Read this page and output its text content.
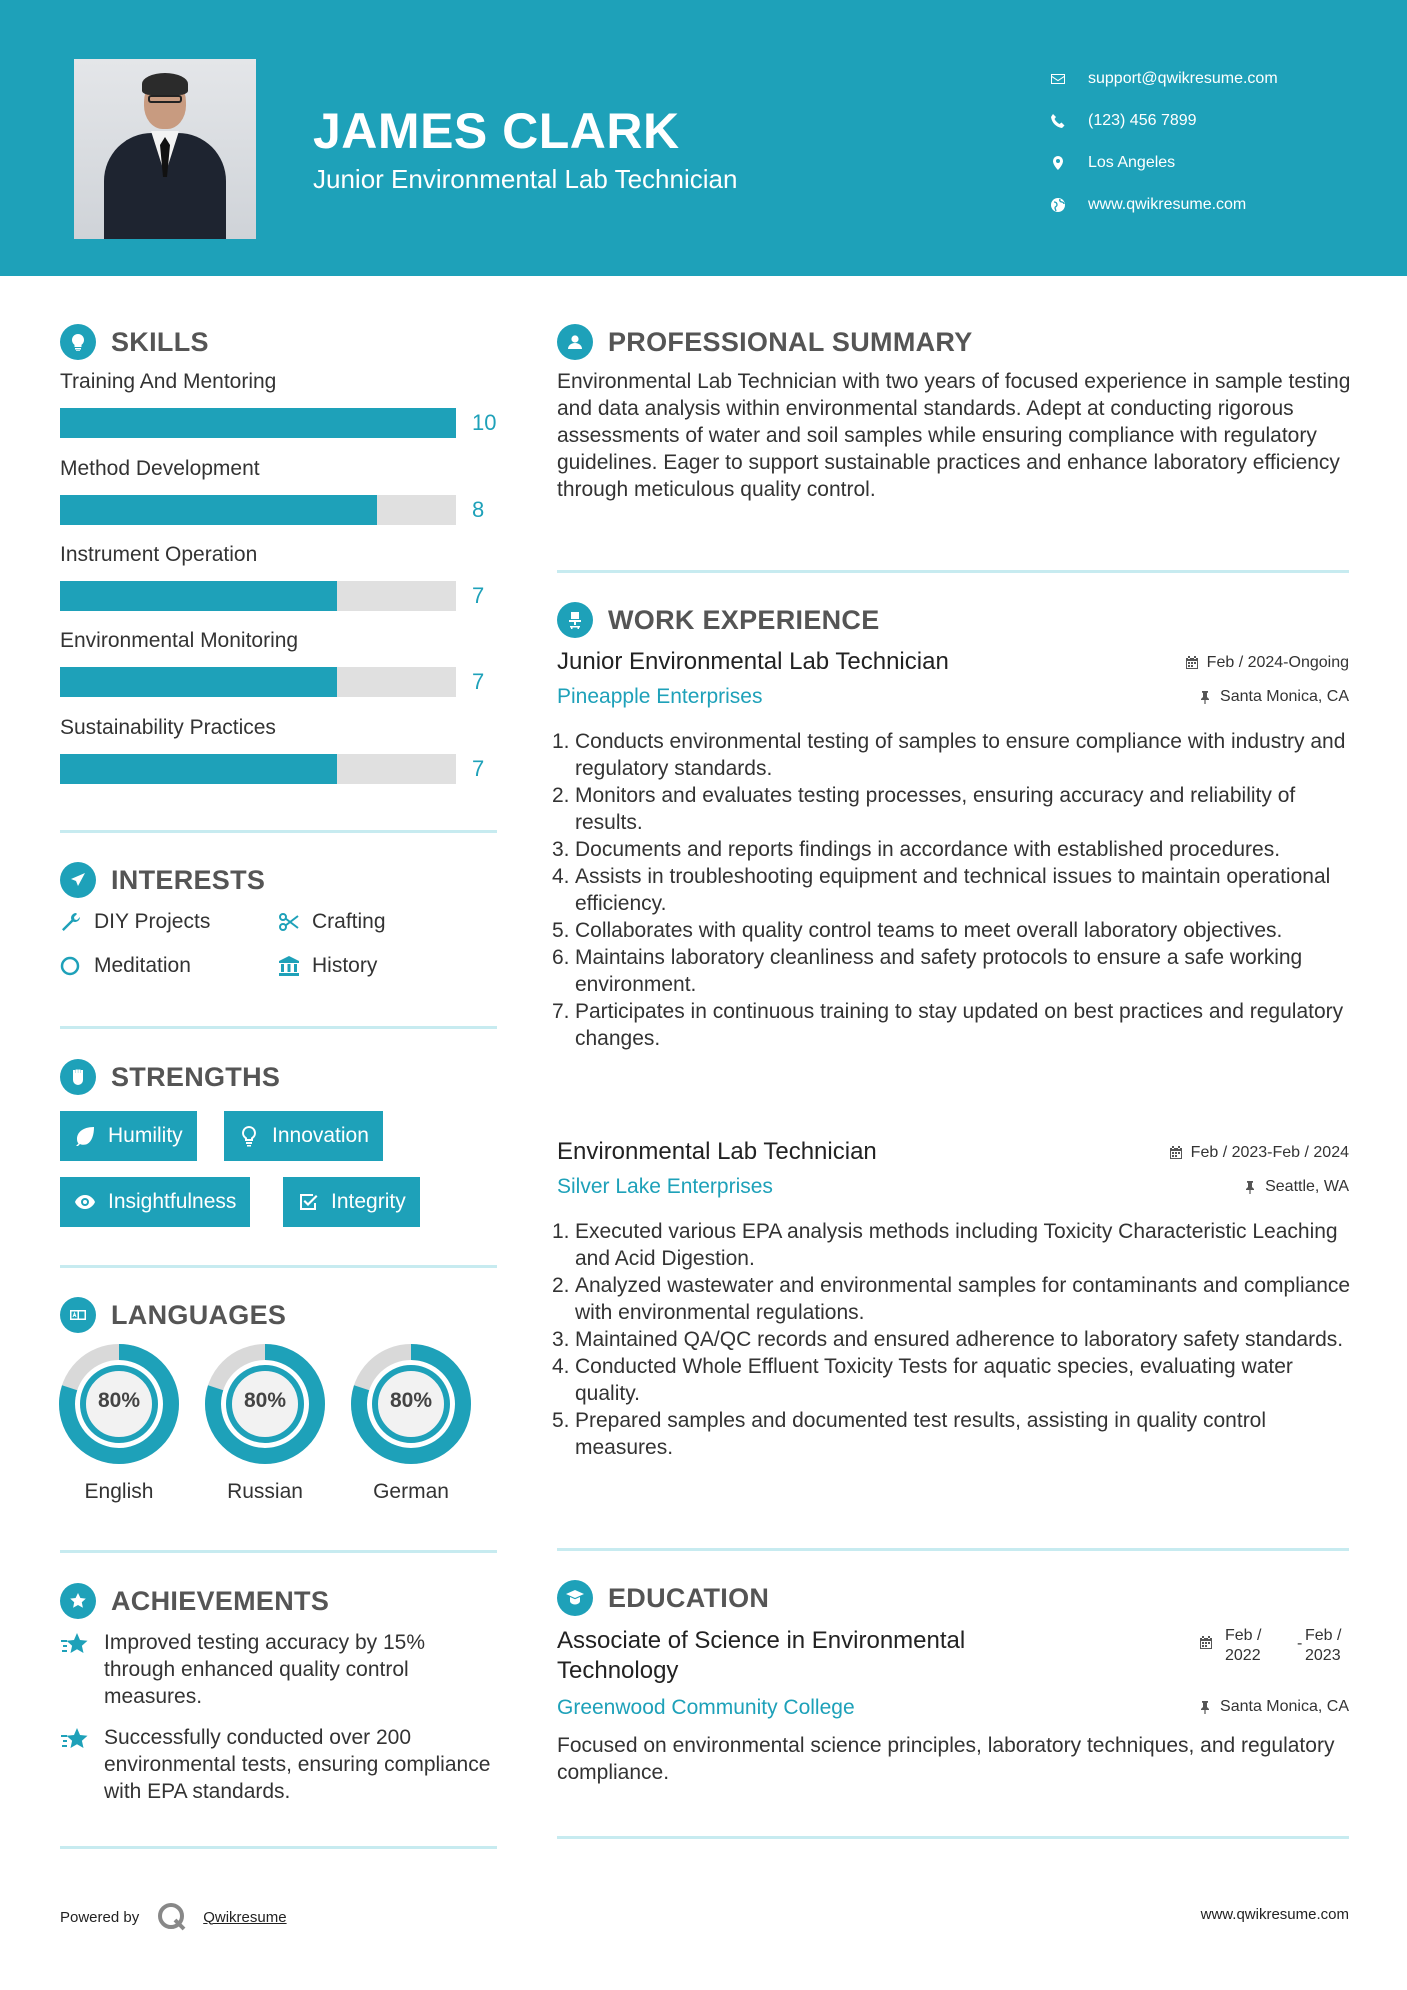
JAMES CLARK
Junior Environmental Lab Technician
support@qwikresume.com
(123) 456 7899
Los Angeles
www.qwikresume.com
SKILLS
Training And Mentoring
10
Method Development
8
Instrument Operation
7
Environmental Monitoring
7
Sustainability Practices
7
INTERESTS
DIY Projects	Crafting
Meditation	History
STRENGTHS
Humility	Innovation
Insightfulness	Integrity
LANGUAGES
80%
English
80%
Russian
80%
German
ACHIEVEMENTS
Improved testing accuracy by 15% through enhanced quality control measures.
Successfully conducted over 200 environmental tests, ensuring compliance with EPA standards.
PROFESSIONAL SUMMARY
Environmental Lab Technician with two years of focused experience in sample testing and data analysis within environmental standards. Adept at conducting rigorous assessments of water and soil samples while ensuring compliance with regulatory guidelines. Eager to support sustainable practices and enhance laboratory efficiency through meticulous quality control.
WORK EXPERIENCE
Junior Environmental Lab Technician
Pineapple Enterprises
Feb / 2024-Ongoing
Santa Monica, CA
1. Conducts environmental testing of samples to ensure compliance with industry and regulatory standards.
2. Monitors and evaluates testing processes, ensuring accuracy and reliability of results.
3. Documents and reports findings in accordance with established procedures.
4. Assists in troubleshooting equipment and technical issues to maintain operational efficiency.
5. Collaborates with quality control teams to meet overall laboratory objectives.
6. Maintains laboratory cleanliness and safety protocols to ensure a safe working environment.
7. Participates in continuous training to stay updated on best practices and regulatory changes.
Environmental Lab Technician
Silver Lake Enterprises
Feb / 2023-Feb / 2024
Seattle, WA
1. Executed various EPA analysis methods including Toxicity Characteristic Leaching and Acid Digestion.
2. Analyzed wastewater and environmental samples for contaminants and compliance with environmental regulations.
3. Maintained QA/QC records and ensured adherence to laboratory safety standards.
4. Conducted Whole Effluent Toxicity Tests for aquatic species, evaluating water quality.
5. Prepared samples and documented test results, assisting in quality control measures.
EDUCATION
Associate of Science in Environmental Technology
Feb / 2022
- Feb / 2023
Greenwood Community College	Santa Monica, CA
Focused on environmental science principles, laboratory techniques, and regulatory compliance.
Powered by	Qwikresume	www.qwikresume.com
